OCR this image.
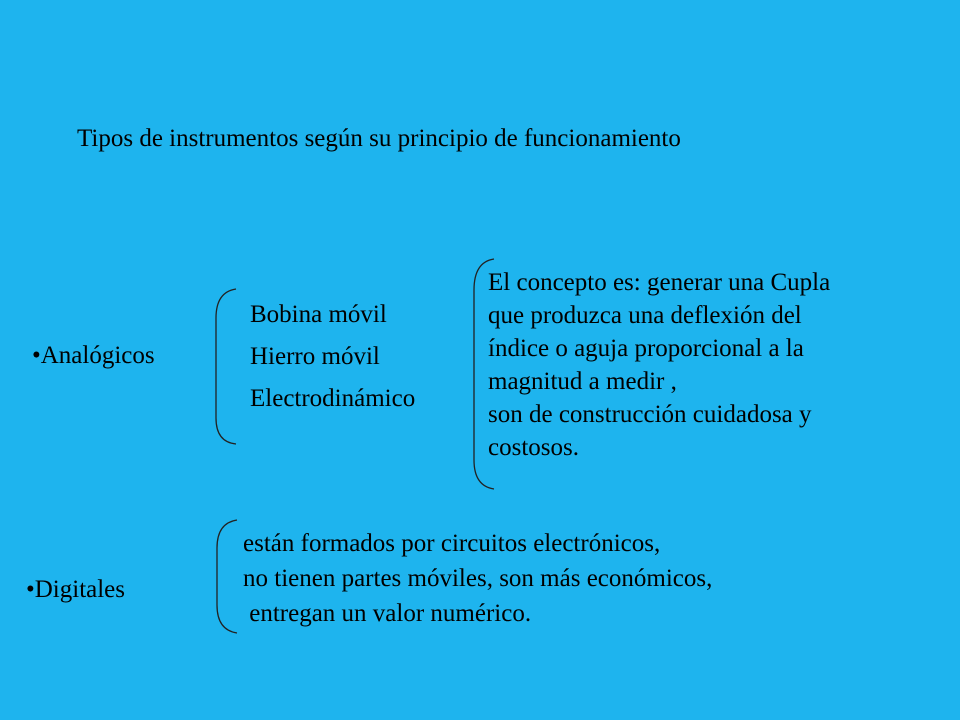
Tipos de instrumentos según su principio de funcionamiento
•Analógicos
Bobina móvil
Hierro móvil
Electrodinámico
El concepto es: generar una Cupla
que produzca una deflexión del
índice o aguja proporcional a la
magnitud a medir ,
son de construcción cuidadosa y
costosos.
•Digitales
están formados por circuitos electrónicos,
no tienen partes móviles, son más económicos,
entregan un valor numérico.
